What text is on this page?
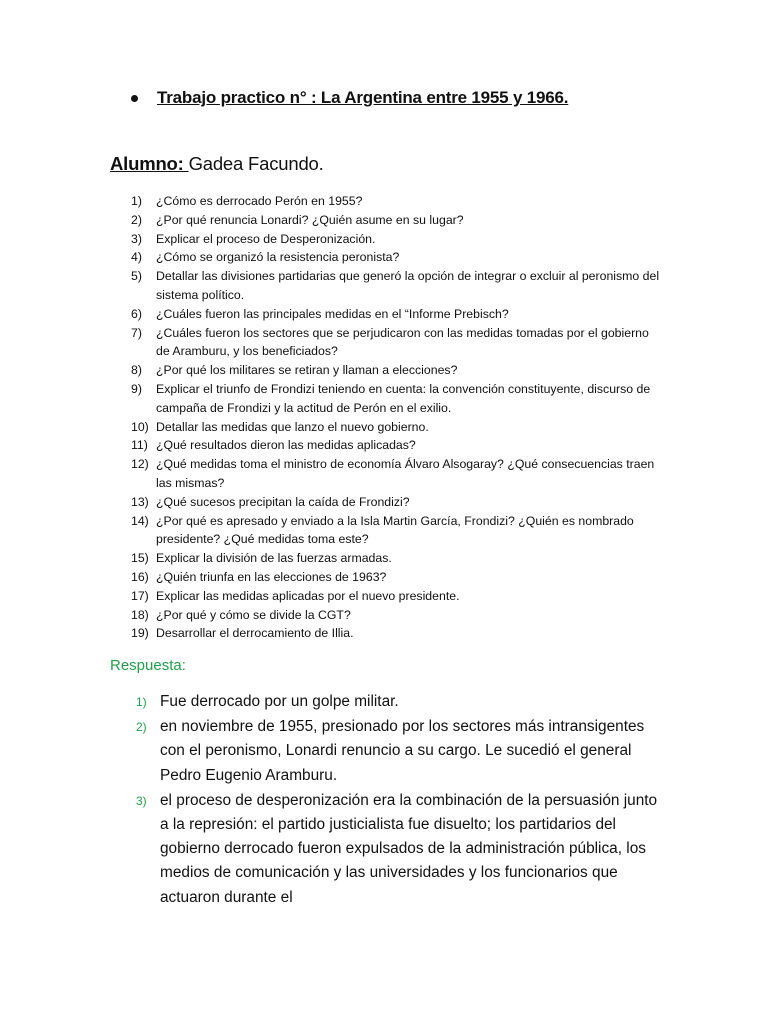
Trabajo practico n° : La Argentina entre 1955 y 1966.
Alumno: Gadea Facundo.
1)	¿Cómo es derrocado Perón en 1955?
2)	¿Por qué renuncia Lonardi? ¿Quién asume en su lugar?
3)	Explicar el proceso de Desperonización.
4)	¿Cómo se organizó la resistencia peronista?
5)	Detallar las divisiones partidarias que generó la opción de integrar o excluir al peronismo del sistema político.
6)	¿Cuáles fueron las principales medidas en el “Informe Prebisch?
7)	¿Cuáles fueron los sectores que se perjudicaron con las medidas tomadas por el gobierno de Aramburu, y los beneficiados?
8)	¿Por qué los militares se retiran y llaman a elecciones?
9)	Explicar el triunfo de Frondizi teniendo en cuenta: la convención constituyente, discurso de campaña de Frondizi y la actitud de Perón en el exilio.
10) Detallar las medidas que lanzo el nuevo gobierno.
11) ¿Qué resultados dieron las medidas aplicadas?
12) ¿Qué medidas toma el ministro de economía Álvaro Alsogaray? ¿Qué consecuencias traen las mismas?
13) ¿Qué sucesos precipitan la caída de Frondizi?
14) ¿Por qué es apresado y enviado a la Isla Martin García, Frondizi? ¿Quién es nombrado presidente? ¿Qué medidas toma este?
15) Explicar la división de las fuerzas armadas.
16) ¿Quién triunfa en las elecciones de 1963?
17) Explicar las medidas aplicadas por el nuevo presidente.
18) ¿Por qué y cómo se divide la CGT?
19) Desarrollar el derrocamiento de Illia.
Respuesta:
1) Fue derrocado por un golpe militar.
2) en noviembre de 1955, presionado por los sectores más intransigentes con el peronismo, Lonardi renuncio a su cargo. Le sucedió el general Pedro Eugenio Aramburu.
3) el proceso de desperonización era la combinación de la persuasión junto a la represión: el partido justicialista fue disuelto; los partidarios del gobierno derrocado fueron expulsados de la administración pública, los medios de comunicación y las universidades y los funcionarios que actuaron durante el
